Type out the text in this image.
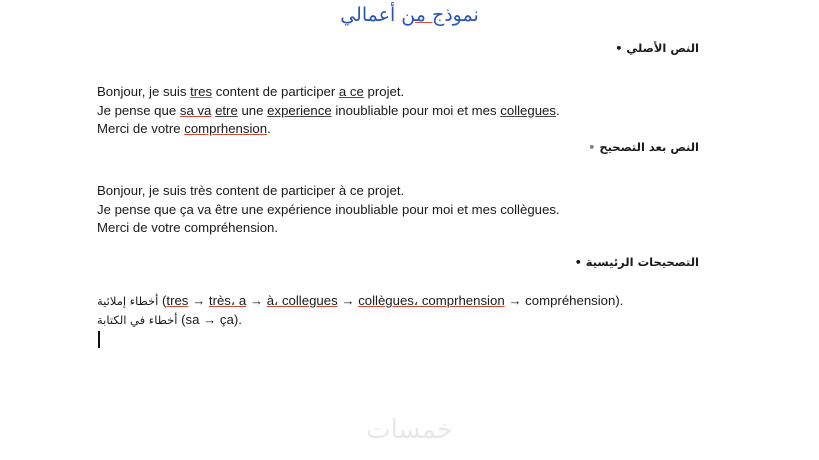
نموذج من أعمالي
النص الأصلي •
Bonjour, je suis tres content de participer a ce projet.
Je pense que sa va etre une experience inoubliable pour moi et mes collegues.
Merci de votre comprhension.
النص بعد التصحيح •
Bonjour, je suis très content de participer à ce projet.
Je pense que ça va être une expérience inoubliable pour moi et mes collègues.
Merci de votre compréhension.
التصحيحات الرئيسية •
أخطاء إملائية (tres → très، a → à، collegues → collègues، comprhension → compréhension).
أخطاء في الكتابة (sa → ça).
خمسات
